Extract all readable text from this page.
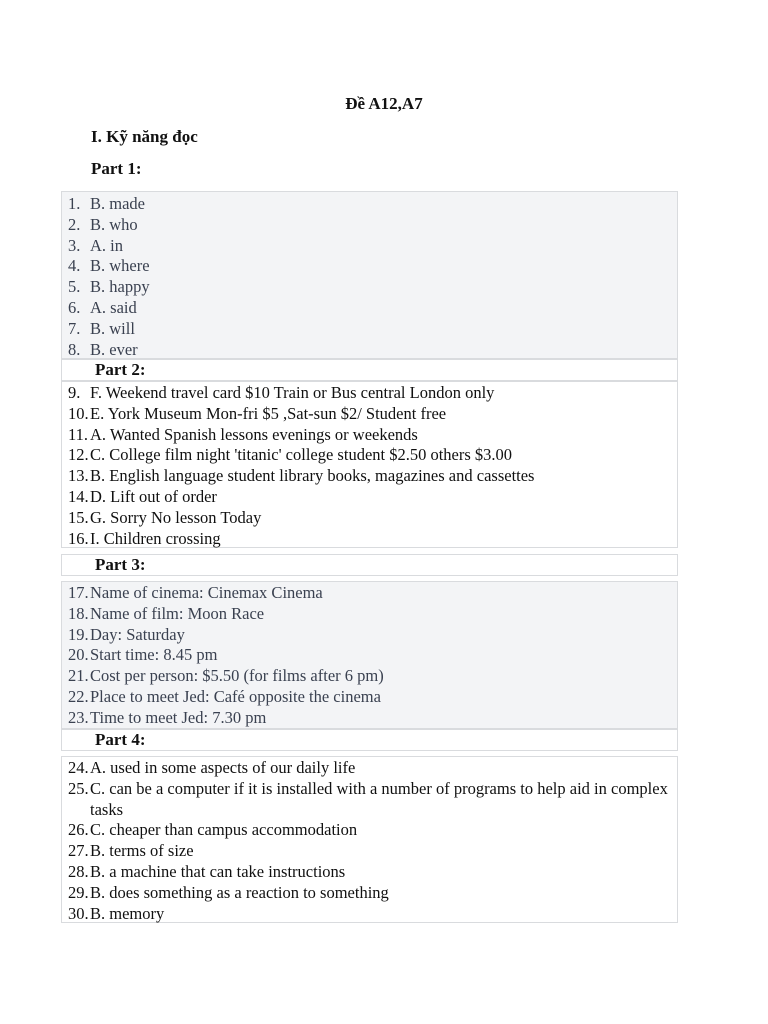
Đề A12,A7
I. Kỹ năng đọc
Part 1:
1. B. made
2. B. who
3. A. in
4. B. where
5. B. happy
6. A. said
7. B. will
8. B. ever
Part 2:
9. F. Weekend travel card $10 Train or Bus central London only
10. E. York Museum Mon-fri $5 ,Sat-sun $2/ Student free
11. A. Wanted Spanish lessons evenings or weekends
12. C. College film night 'titanic' college student $2.50 others $3.00
13. B. English language student library books, magazines and cassettes
14. D. Lift out of order
15. G. Sorry No lesson Today
16. I. Children crossing
Part 3:
17. Name of cinema: Cinemax Cinema
18. Name of film: Moon Race
19. Day: Saturday
20. Start time: 8.45 pm
21. Cost per person: $5.50 (for films after 6 pm)
22. Place to meet Jed: Café opposite the cinema
23. Time to meet Jed: 7.30 pm
Part 4:
24. A. used in some aspects of our daily life
25. C. can be a computer if it is installed with a number of programs to help aid in complex tasks
26. C. cheaper than campus accommodation
27. B. terms of size
28. B. a machine that can take instructions
29. B. does something as a reaction to something
30. B. memory
